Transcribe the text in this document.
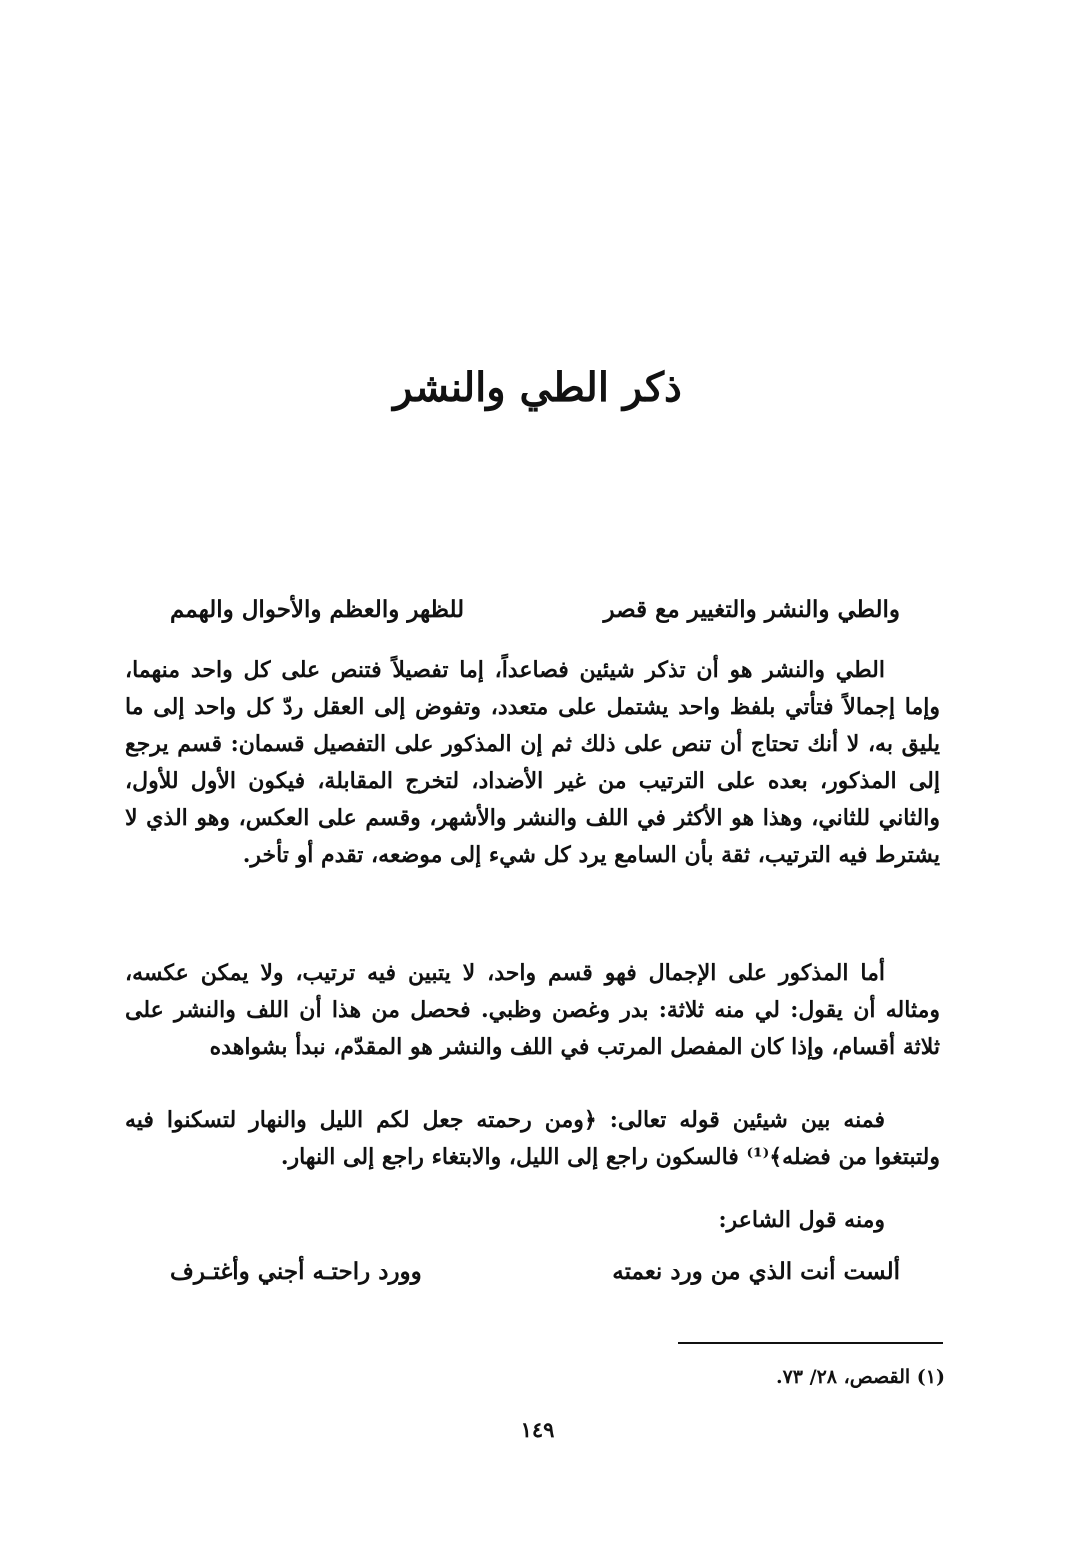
ذكر الطي والنشر
والطي والنشر والتغيير مع قصر
للظهر والعظم والأحوال والهمم

الطي والنشر هو أن تذكر شيئين فصاعداً، إما تفصيلاً فتنص على كل واحد منهما، وإما إجمالاً فتأتي بلفظ واحد يشتمل على متعدد، وتفوض إلى العقل ردّ كل واحد إلى ما يليق به، لا أنك تحتاج أن تنص على ذلك ثم إن المذكور على التفصيل قسمان: قسم يرجع إلى المذكور، بعده على الترتيب من غير الأضداد، لتخرج المقابلة، فيكون الأول للأول، والثاني للثاني، وهذا هو الأكثر في اللف والنشر والأشهر، وقسم على العكس، وهو الذي لا يشترط فيه الترتيب، ثقة بأن السامع يرد كل شيء إلى موضعه، تقدم أو تأخر.

أما المذكور على الإجمال فهو قسم واحد، لا يتبين فيه ترتيب، ولا يمكن عكسه، ومثاله أن يقول: لي منه ثلاثة: بدر وغصن وظبي. فحصل من هذا أن اللف والنشر على ثلاثة أقسام، وإذا كان المفصل المرتب في اللف والنشر هو المقدّم، نبدأ بشواهده

فمنه بين شيئين قوله تعالى: ﴿ومن رحمته جعل لكم الليل والنهار لتسكنوا فيه ولتبتغوا من فضله﴾⁽¹⁾ فالسكون راجع إلى الليل، والابتغاء راجع إلى النهار.

ومنه قول الشاعر:

ألست أنت الذي من ورد نعمته
وورد راحتـه أجني وأغتـرف

(١) القصص، ٢٨/ ٧٣.

١٤٩
